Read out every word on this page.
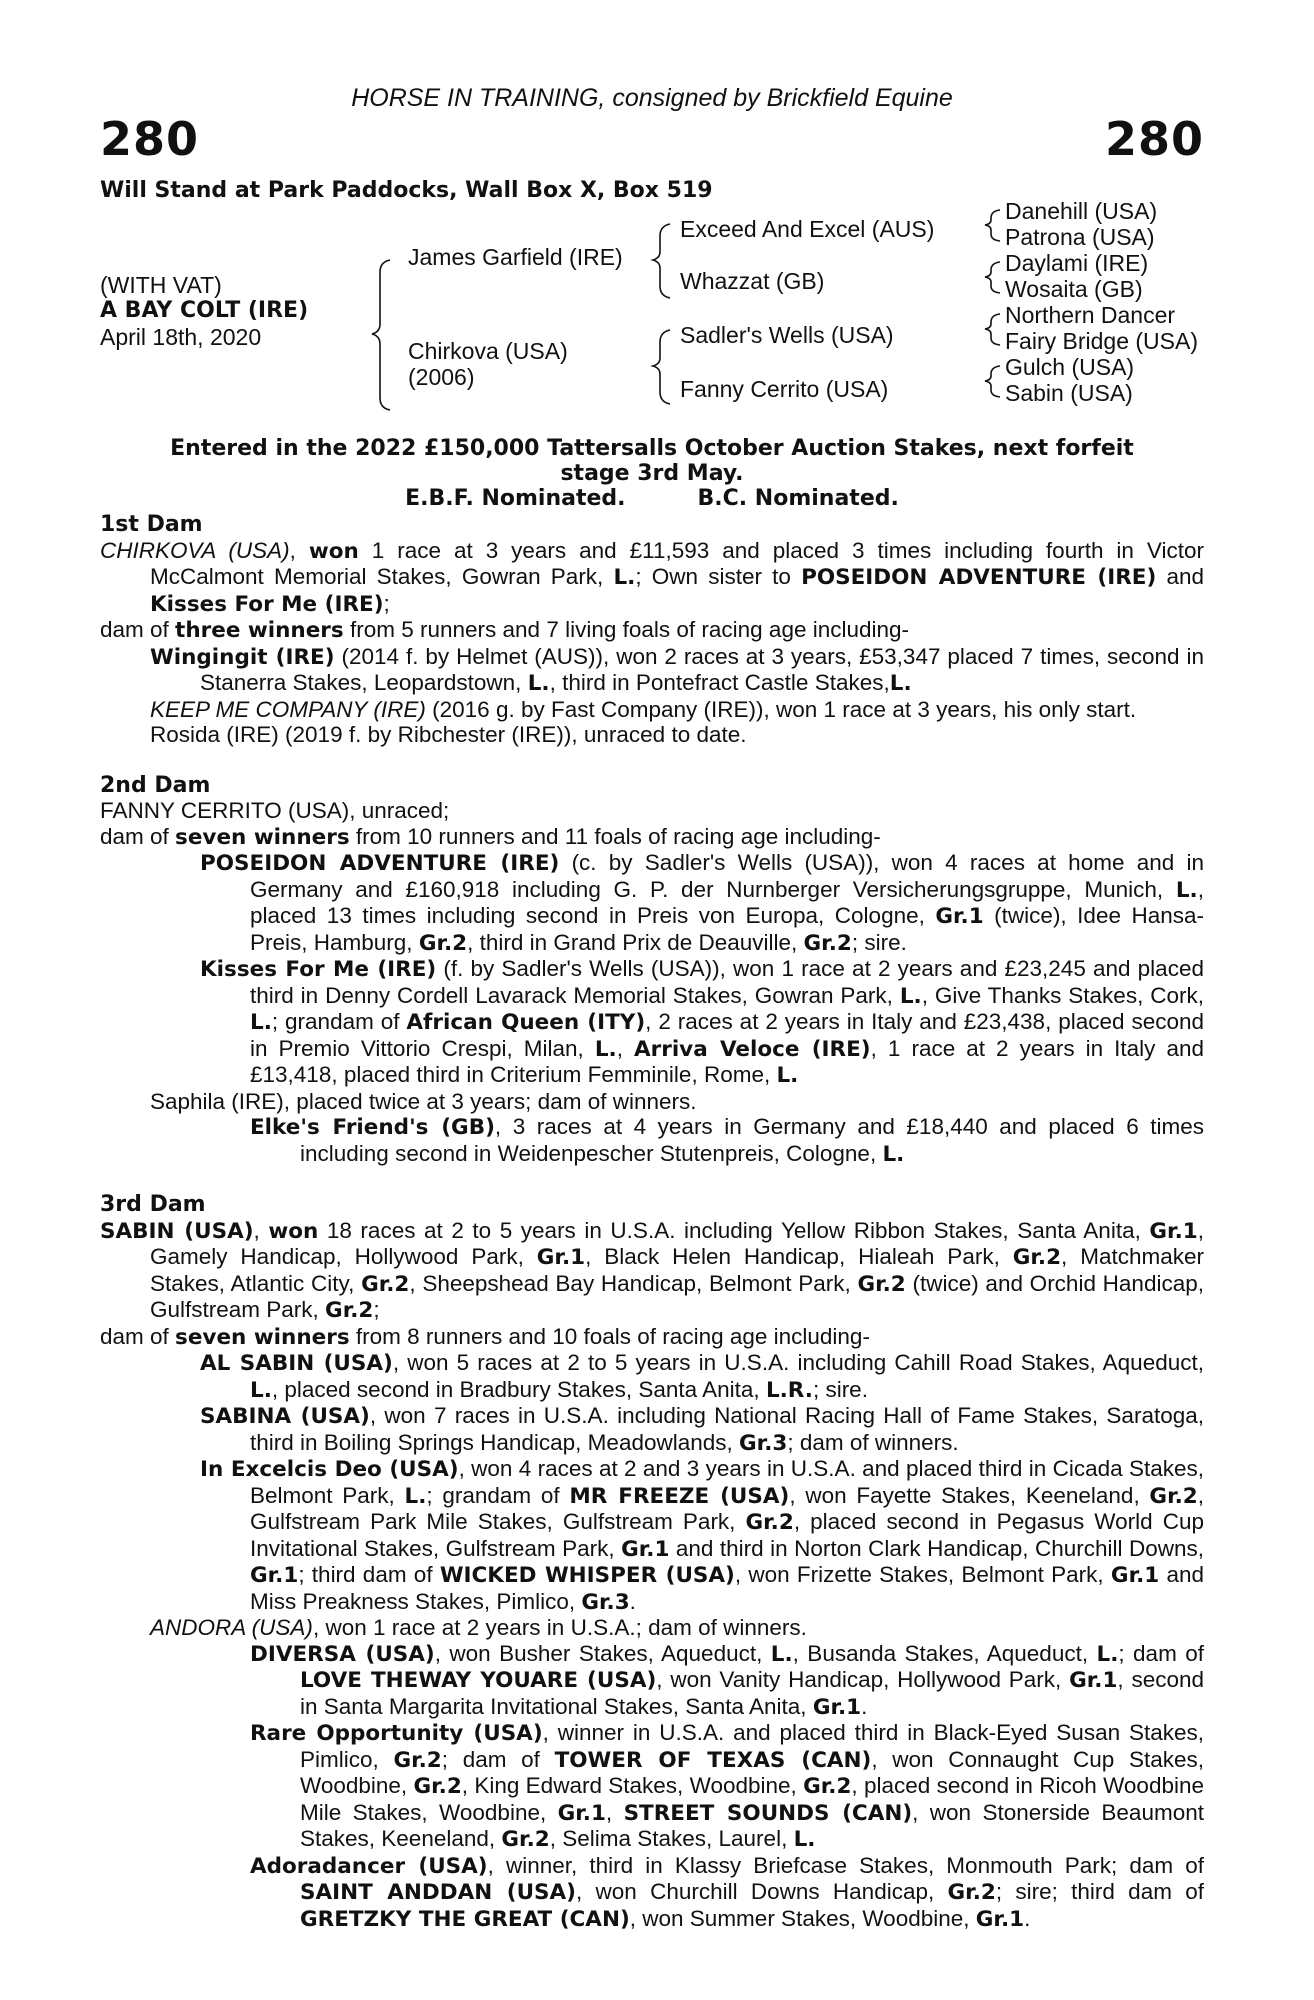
HORSE IN TRAINING, consigned by Brickfield Equine
280	280
Will Stand at Park Paddocks, Wall Box X, Box 519
(WITH VAT)
A BAY COLT (IRE)
April 18th, 2020
James Garfield (IRE)
Chirkova (USA)
(2006)
Exceed And Excel (AUS)
Whazzat (GB)
Sadler's Wells (USA)
Fanny Cerrito (USA)
Danehill (USA)
Patrona (USA)
Daylami (IRE)
Wosaita (GB)
Northern Dancer
Fairy Bridge (USA)
Gulch (USA)
Sabin (USA)
Entered in the 2022 £150,000 Tattersalls October Auction Stakes, next forfeit
stage 3rd May.
E.B.F. Nominated.	B.C. Nominated.

1st Dam

CHIRKOVA (USA), won 1 race at 3 years and £11,593 and placed 3 times including fourth in Victor McCalmont Memorial Stakes, Gowran Park, L.; Own sister to POSEIDON ADVENTURE (IRE) and Kisses For Me (IRE);

dam of three winners from 5 runners and 7 living foals of racing age including-

Wingingit (IRE) (2014 f. by Helmet (AUS)), won 2 races at 3 years, £53,347 placed 7 times, second in Stanerra Stakes, Leopardstown, L., third in Pontefract Castle Stakes,L.

KEEP ME COMPANY (IRE) (2016 g. by Fast Company (IRE)), won 1 race at 3 years, his only start.

Rosida (IRE) (2019 f. by Ribchester (IRE)), unraced to date.

2nd Dam

FANNY CERRITO (USA), unraced;

dam of seven winners from 10 runners and 11 foals of racing age including-

POSEIDON ADVENTURE (IRE) (c. by Sadler's Wells (USA)), won 4 races at home and in Germany and £160,918 including G. P. der Nurnberger Versicherungsgruppe, Munich, L., placed 13 times including second in Preis von Europa, Cologne, Gr.1 (twice), Idee Hansa-Preis, Hamburg, Gr.2, third in Grand Prix de Deauville, Gr.2; sire.

Kisses For Me (IRE) (f. by Sadler's Wells (USA)), won 1 race at 2 years and £23,245 and placed third in Denny Cordell Lavarack Memorial Stakes, Gowran Park, L., Give Thanks Stakes, Cork, L.; grandam of African Queen (ITY), 2 races at 2 years in Italy and £23,438, placed second in Premio Vittorio Crespi, Milan, L., Arriva Veloce (IRE), 1 race at 2 years in Italy and £13,418, placed third in Criterium Femminile, Rome, L.

Saphila (IRE), placed twice at 3 years; dam of winners.

Elke's Friend's (GB), 3 races at 4 years in Germany and £18,440 and placed 6 times including second in Weidenpescher Stutenpreis, Cologne, L.

3rd Dam

SABIN (USA), won 18 races at 2 to 5 years in U.S.A. including Yellow Ribbon Stakes, Santa Anita, Gr.1, Gamely Handicap, Hollywood Park, Gr.1, Black Helen Handicap, Hialeah Park, Gr.2, Matchmaker Stakes, Atlantic City, Gr.2, Sheepshead Bay Handicap, Belmont Park, Gr.2 (twice) and Orchid Handicap, Gulfstream Park, Gr.2;

dam of seven winners from 8 runners and 10 foals of racing age including-

AL SABIN (USA), won 5 races at 2 to 5 years in U.S.A. including Cahill Road Stakes, Aqueduct, L., placed second in Bradbury Stakes, Santa Anita, L.R.; sire.

SABINA (USA), won 7 races in U.S.A. including National Racing Hall of Fame Stakes, Saratoga, third in Boiling Springs Handicap, Meadowlands, Gr.3; dam of winners.

In Excelcis Deo (USA), won 4 races at 2 and 3 years in U.S.A. and placed third in Cicada Stakes, Belmont Park, L.; grandam of MR FREEZE (USA), won Fayette Stakes, Keeneland, Gr.2, Gulfstream Park Mile Stakes, Gulfstream Park, Gr.2, placed second in Pegasus World Cup Invitational Stakes, Gulfstream Park, Gr.1 and third in Norton Clark Handicap, Churchill Downs, Gr.1; third dam of WICKED WHISPER (USA), won Frizette Stakes, Belmont Park, Gr.1 and Miss Preakness Stakes, Pimlico, Gr.3.

ANDORA (USA), won 1 race at 2 years in U.S.A.; dam of winners.

DIVERSA (USA), won Busher Stakes, Aqueduct, L., Busanda Stakes, Aqueduct, L.; dam of LOVE THEWAY YOUARE (USA), won Vanity Handicap, Hollywood Park, Gr.1, second in Santa Margarita Invitational Stakes, Santa Anita, Gr.1.

Rare Opportunity (USA), winner in U.S.A. and placed third in Black-Eyed Susan Stakes, Pimlico, Gr.2; dam of TOWER OF TEXAS (CAN), won Connaught Cup Stakes, Woodbine, Gr.2, King Edward Stakes, Woodbine, Gr.2, placed second in Ricoh Woodbine Mile Stakes, Woodbine, Gr.1, STREET SOUNDS (CAN), won Stonerside Beaumont Stakes, Keeneland, Gr.2, Selima Stakes, Laurel, L.

Adoradancer (USA), winner, third in Klassy Briefcase Stakes, Monmouth Park; dam of SAINT ANDDAN (USA), won Churchill Downs Handicap, Gr.2; sire; third dam of GRETZKY THE GREAT (CAN), won Summer Stakes, Woodbine, Gr.1.
